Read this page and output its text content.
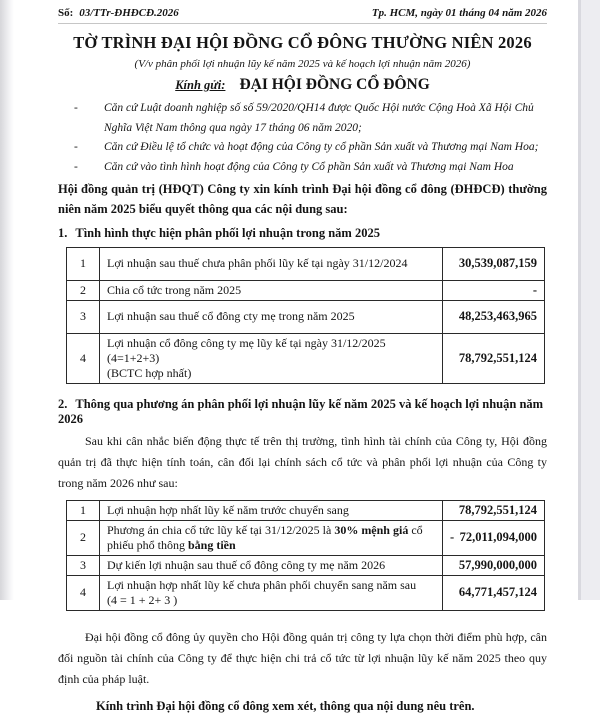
Số: 03/TTr-ĐHĐCĐ.2026	Tp. HCM, ngày 01 tháng 04 năm 2026
TỜ TRÌNH ĐẠI HỘI ĐỒNG CỔ ĐÔNG THƯỜNG NIÊN 2026
(V/v phân phối lợi nhuận lũy kế năm 2025 và kế hoạch lợi nhuận năm 2026)
Kính gửi: ĐẠI HỘI ĐỒNG CỔ ĐÔNG
-	Căn cứ Luật doanh nghiệp số số 59/2020/QH14 được Quốc Hội nước Cộng Hoà Xã Hội Chủ Nghĩa Việt Nam thông qua ngày 17 tháng 06 năm 2020;
-	Căn cứ Điều lệ tổ chức và hoạt động của Công ty cổ phần Sản xuất và Thương mại Nam Hoa;
-	Căn cứ vào tình hình hoạt động của Công ty Cổ phần Sản xuất và Thương mại Nam Hoa
Hội đồng quản trị (HĐQT) Công ty xin kính trình Đại hội đồng cổ đông (ĐHĐCĐ) thường niên năm 2025 biểu quyết thông qua các nội dung sau:
1. Tình hình thực hiện phân phối lợi nhuận trong năm 2025
1	Lợi nhuận sau thuế chưa phân phối lũy kế tại ngày 31/12/2024	30,539,087,159
2	Chia cổ tức trong năm 2025	-
3	Lợi nhuận sau thuế cổ đông cty mẹ trong năm 2025	48,253,463,965
4	Lợi nhuận cổ đông công ty mẹ lũy kế tại ngày 31/12/2025 (4=1+2+3)
(BCTC hợp nhất)	78,792,551,124
2. Thông qua phương án phân phối lợi nhuận lũy kế năm 2025 và kế hoạch lợi nhuận năm 2026
Sau khi cân nhắc biến động thực tế trên thị trường, tình hình tài chính của Công ty, Hội đồng quản trị đã thực hiện tính toán, cân đối lại chính sách cổ tức và phân phối lợi nhuận của Công ty trong năm 2026 như sau:
1	Lợi nhuận hợp nhất lũy kế năm trước chuyển sang	78,792,551,124
2	Phương án chia cổ tức lũy kế tại 31/12/2025 là 30% mệnh giá cổ phiếu phổ thông bằng tiền	- 72,011,094,000

3	Dự kiến lợi nhuận sau thuế cổ đông công ty mẹ năm 2026	57,990,000,000
4	Lợi nhuận hợp nhất lũy kế chưa phân phối chuyển sang năm sau
(4 = 1 + 2+ 3 )	64,771,457,124
Đại hội đồng cổ đông ủy quyền cho Hội đồng quản trị công ty lựa chọn thời điểm phù hợp, cân đối nguồn tài chính của Công ty để thực hiện chi trả cổ tức từ lợi nhuận lũy kế năm 2025 theo quy định của pháp luật.
Kính trình Đại hội đồng cổ đông xem xét, thông qua nội dung nêu trên.
